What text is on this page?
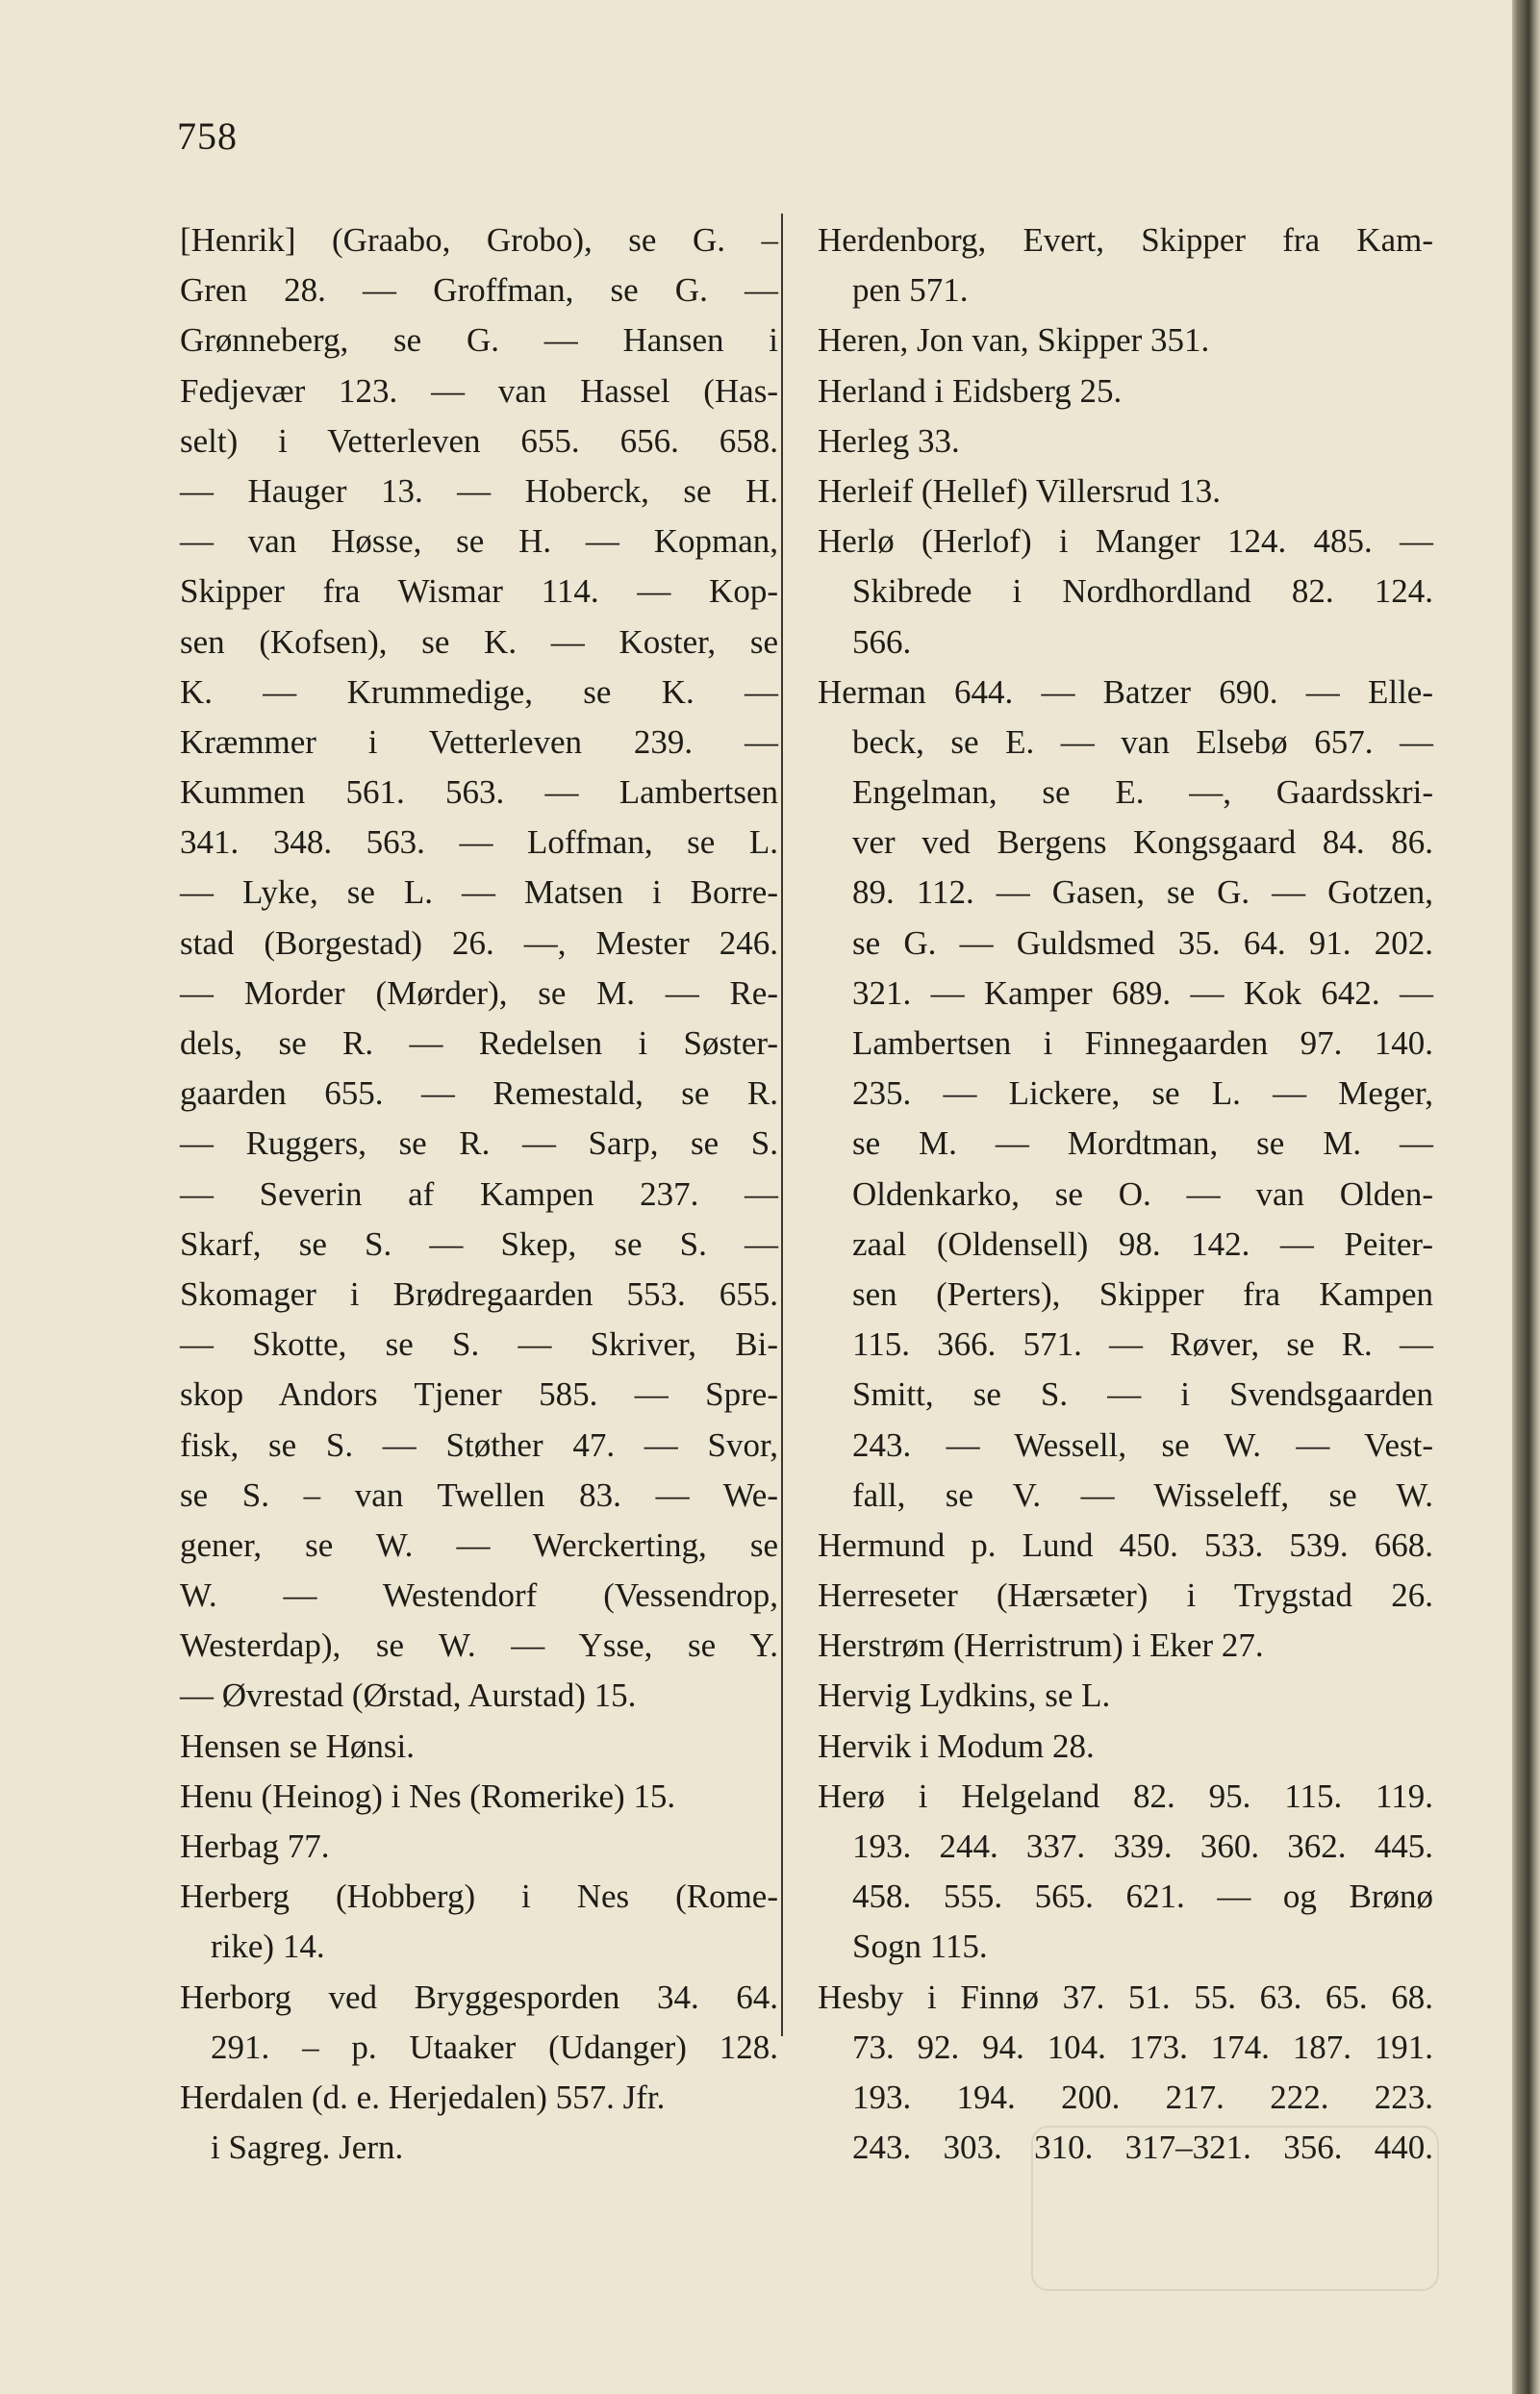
758
[Henrik] (Graabo, Grobo), se G. –
Gren 28. — Groffman, se G. —
Grønneberg, se G. — Hansen i
Fedjevær 123. — van Hassel (Has-
selt) i Vetterleven 655. 656. 658.
— Hauger 13. — Hoberck, se H.
— van Høsse, se H. — Kopman,
Skipper fra Wismar 114. — Kop-
sen (Kofsen), se K. — Koster, se
K. — Krummedige, se K. —
Kræmmer i Vetterleven 239. —
Kummen 561. 563. — Lambertsen
341. 348. 563. — Loffman, se L.
— Lyke, se L. — Matsen i Borre-
stad (Borgestad) 26. —, Mester 246.
— Morder (Mørder), se M. — Re-
dels, se R. — Redelsen i Søster-
gaarden 655. — Remestald, se R.
— Ruggers, se R. — Sarp, se S.
— Severin af Kampen 237. —
Skarf, se S. — Skep, se S. —
Skomager i Brødregaarden 553. 655.
— Skotte, se S. — Skriver, Bi-
skop Andors Tjener 585. — Spre-
fisk, se S. — Støther 47. — Svor,
se S. – van Twellen 83. — We-
gener, se W. — Werckerting, se
W. — Westendorf (Vessendrop,
Westerdap), se W. — Ysse, se Y.
— Øvrestad (Ørstad, Aurstad) 15.
Hensen se Hønsi.
Henu (Heinog) i Nes (Romerike) 15.
Herbag 77.
Herberg (Hobberg) i Nes (Rome-
rike) 14.
Herborg ved Bryggesporden 34. 64.
291. – p. Utaaker (Udanger) 128.
Herdalen (d. e. Herjedalen) 557. Jfr.
i Sagreg. Jern.
Herdenborg, Evert, Skipper fra Kam-
pen 571.
Heren, Jon van, Skipper 351.
Herland i Eidsberg 25.
Herleg 33.
Herleif (Hellef) Villersrud 13.
Herlø (Herlof) i Manger 124. 485. —
Skibrede i Nordhordland 82. 124.
566.
Herman 644. — Batzer 690. — Elle-
beck, se E. — van Elsebø 657. —
Engelman, se E. —, Gaardsskri-
ver ved Bergens Kongsgaard 84. 86.
89. 112. — Gasen, se G. — Gotzen,
se G. — Guldsmed 35. 64. 91. 202.
321. — Kamper 689. — Kok 642. —
Lambertsen i Finnegaarden 97. 140.
235. — Lickere, se L. — Meger,
se M. — Mordtman, se M. —
Oldenkarko, se O. — van Olden-
zaal (Oldensell) 98. 142. — Peiter-
sen (Perters), Skipper fra Kampen
115. 366. 571. — Røver, se R. —
Smitt, se S. — i Svendsgaarden
243. — Wessell, se W. — Vest-
fall, se V. — Wisseleff, se W.
Hermund p. Lund 450. 533. 539. 668.
Herreseter (Hærsæter) i Trygstad 26.
Herstrøm (Herristrum) i Eker 27.
Hervig Lydkins, se L.
Hervik i Modum 28.
Herø i Helgeland 82. 95. 115. 119.
193. 244. 337. 339. 360. 362. 445.
458. 555. 565. 621. — og Brønø
Sogn 115.
Hesby i Finnø 37. 51. 55. 63. 65. 68.
73. 92. 94. 104. 173. 174. 187. 191.
193. 194. 200. 217. 222. 223.
243. 303. 310. 317–321. 356. 440.
